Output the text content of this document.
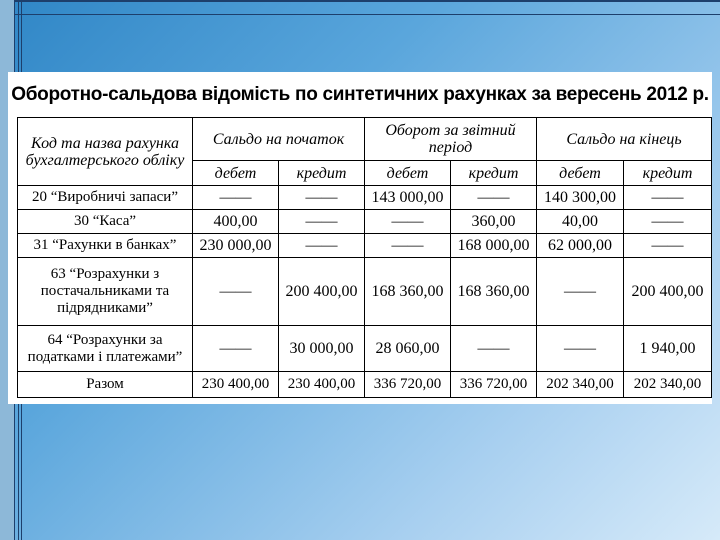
Оборотно-сальдова відомість по синтетичних рахунках за вересень 2012 р.
Код та назва рахунка бухгалтерського обліку	Сальдо на початок		Оборот за звітний період		Сальдо на кінець	
	дебет	кредит	дебет	кредит	дебет	кредит
20 “Виробничі запаси”	——	——	143 000,00	——	140 300,00	——
30 “Каса”	400,00	——	——	360,00	40,00	——
31 “Рахунки в банках”	230 000,00	——	——	168 000,00	62 000,00	——
63 “Розрахунки з постачальниками та підрядниками”	——	200 400,00	168 360,00	168 360,00	——	200 400,00
64 “Розрахунки за податками і платежами”	——	30 000,00	28 060,00	——	——	1 940,00
Разом	230 400,00	230 400,00	336 720,00	336 720,00	202 340,00	202 340,00
